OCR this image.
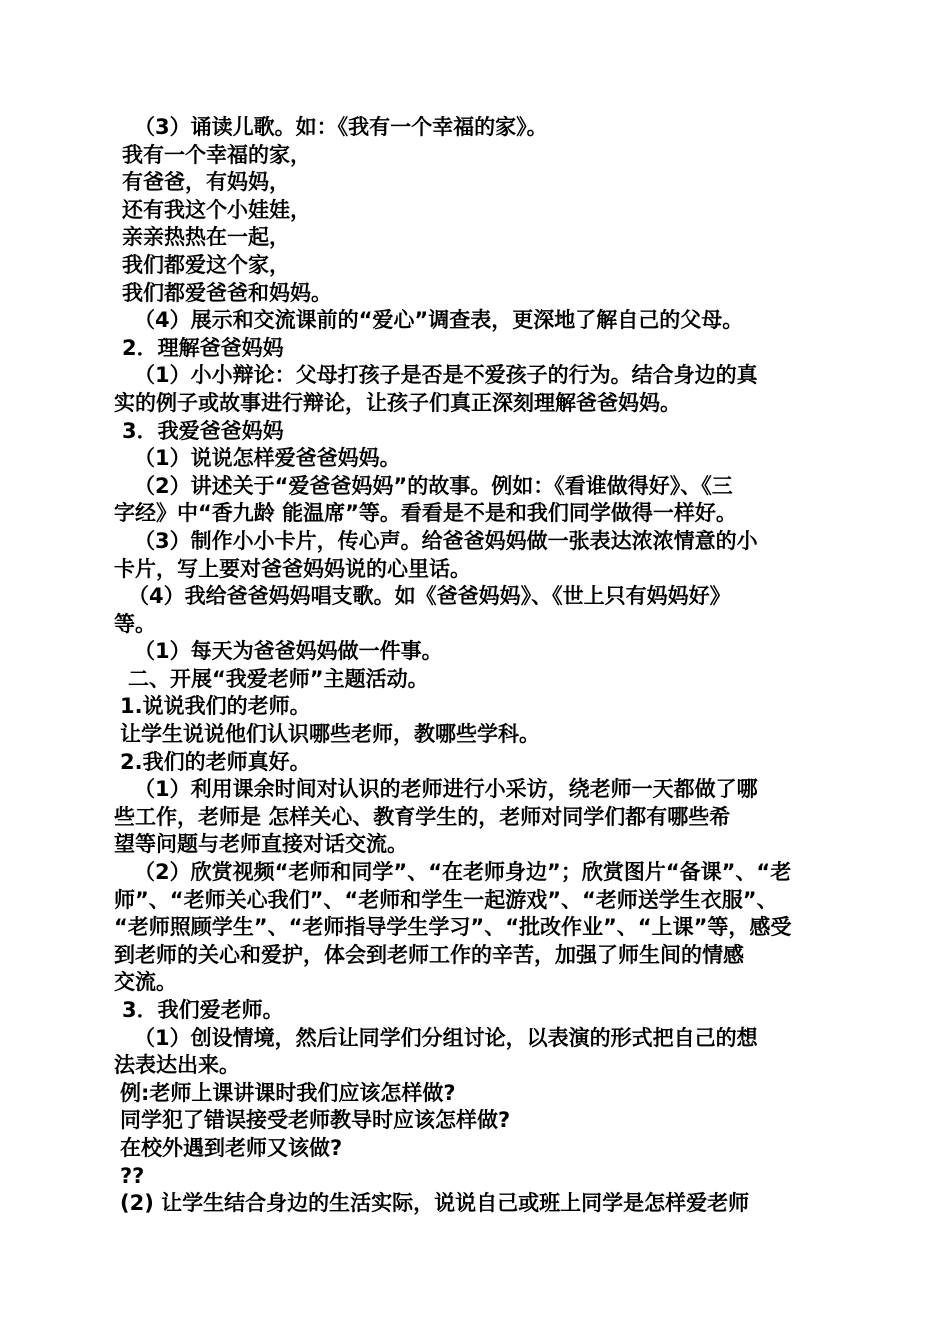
（3）诵读儿歌。如：《我有一个幸福的家》。
我有一个幸福的家，
有爸爸，有妈妈，
还有我这个小娃娃，
亲亲热热在一起，
我们都爱这个家，
我们都爱爸爸和妈妈。
（4）展示和交流课前的“爱心”调查表，更深地了解自己的父母。
2．理解爸爸妈妈
（1）小小辩论：父母打孩子是否是不爱孩子的行为。结合身边的真
实的例子或故事进行辩论，让孩子们真正深刻理解爸爸妈妈。
3．我爱爸爸妈妈
（1）说说怎样爱爸爸妈妈。
（2）讲述关于“爱爸爸妈妈”的故事。例如：《看谁做得好》、《三
字经》中“香九龄 能温席”等。看看是不是和我们同学做得一样好。
（3）制作小小卡片，传心声。给爸爸妈妈做一张表达浓浓情意的小
卡片，写上要对爸爸妈妈说的心里话。
（4）我给爸爸妈妈唱支歌。如《爸爸妈妈》、《世上只有妈妈好》
等。
（1）每天为爸爸妈妈做一件事。
二、开展“我爱老师”主题活动。
1.说说我们的老师。
让学生说说他们认识哪些老师，教哪些学科。
2.我们的老师真好。
（1）利用课余时间对认识的老师进行小采访，绕老师一天都做了哪
些工作，老师是 怎样关心、教育学生的，老师对同学们都有哪些希
望等问题与老师直接对话交流。
（2）欣赏视频“老师和同学”、“在老师身边”；欣赏图片“备课”、“老
师”、“老师关心我们”、“老师和学生一起游戏”、“老师送学生衣服”、
“老师照顾学生”、“老师指导学生学习”、“批改作业”、“上课”等，感受
到老师的关心和爱护，体会到老师工作的辛苦，加强了师生间的情感
交流。
3．我们爱老师。
（1）创设情境，然后让同学们分组讨论，以表演的形式把自己的想
法表达出来。
例:老师上课讲课时我们应该怎样做?
同学犯了错误接受老师教导时应该怎样做?
在校外遇到老师又该做?
??
(2) 让学生结合身边的生活实际，说说自己或班上同学是怎样爱老师
